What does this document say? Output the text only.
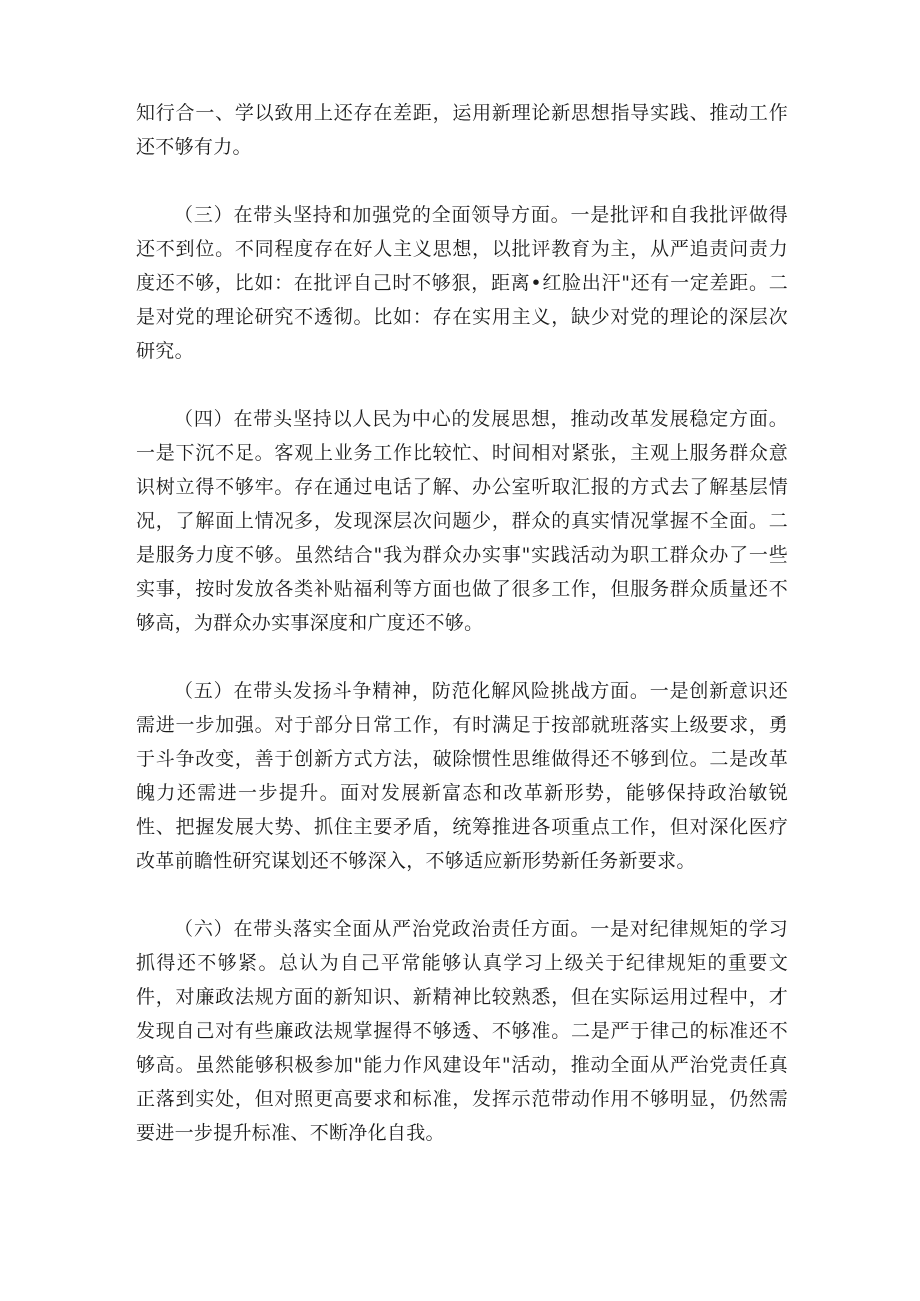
知行合一、学以致用上还存在差距，运用新理论新思想指导实践、推动工作还不够有力。

（三）在带头坚持和加强党的全面领导方面。一是批评和自我批评做得还不到位。不同程度存在好人主义思想，以批评教育为主，从严追责问责力度还不够，比如：在批评自己时不够狠，距离•红脸出汗"还有一定差距。二是对党的理论研究不透彻。比如：存在实用主义，缺少对党的理论的深层次研究。

（四）在带头坚持以人民为中心的发展思想，推动改革发展稳定方面。一是下沉不足。客观上业务工作比较忙、时间相对紧张，主观上服务群众意识树立得不够牢。存在通过电话了解、办公室听取汇报的方式去了解基层情况，了解面上情况多，发现深层次问题少，群众的真实情况掌握不全面。二是服务力度不够。虽然结合"我为群众办实事"实践活动为职工群众办了一些实事，按时发放各类补贴福利等方面也做了很多工作，但服务群众质量还不够高，为群众办实事深度和广度还不够。

（五）在带头发扬斗争精神，防范化解风险挑战方面。一是创新意识还需进一步加强。对于部分日常工作，有时满足于按部就班落实上级要求，勇于斗争改变，善于创新方式方法，破除惯性思维做得还不够到位。二是改革魄力还需进一步提升。面对发展新富态和改革新形势，能够保持政治敏锐性、把握发展大势、抓住主要矛盾，统筹推进各项重点工作，但对深化医疗改革前瞻性研究谋划还不够深入，不够适应新形势新任务新要求。

（六）在带头落实全面从严治党政治责任方面。一是对纪律规矩的学习抓得还不够紧。总认为自己平常能够认真学习上级关于纪律规矩的重要文件，对廉政法规方面的新知识、新精神比较熟悉，但在实际运用过程中，才发现自己对有些廉政法规掌握得不够透、不够准。二是严于律己的标准还不够高。虽然能够积极参加"能力作风建设年"活动，推动全面从严治党责任真正落到实处，但对照更高要求和标准，发挥示范带动作用不够明显，仍然需要进一步提升标准、不断净化自我。
